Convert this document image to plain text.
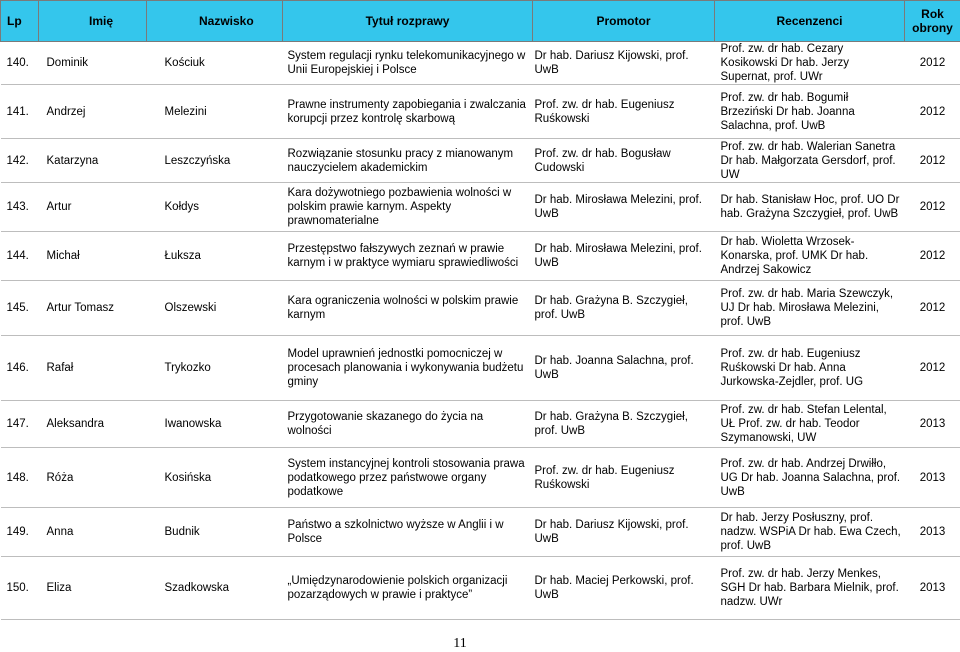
Lp	Imię	Nazwisko	Tytuł rozprawy	Promotor	Recenzenci	Rok
obrony
140.	Dominik	Kościuk	System regulacji rynku telekomunikacyjnego w Unii Europejskiej i Polsce	Dr hab. Dariusz Kijowski, prof. UwB	Prof. zw. dr hab. Cezary Kosikowski Dr hab. Jerzy Supernat, prof. UWr	2012
141.	Andrzej	Melezini	Prawne instrumenty zapobiegania i zwalczania korupcji przez kontrolę skarbową	Prof. zw. dr hab. Eugeniusz Ruśkowski	Prof. zw. dr hab. Bogumił Brzeziński Dr hab. Joanna Salachna, prof. UwB	2012
142.	Katarzyna	Leszczyńska	Rozwiązanie stosunku pracy z mianowanym nauczycielem akademickim	Prof. zw. dr hab. Bogusław Cudowski	Prof. zw. dr hab. Walerian Sanetra Dr hab. Małgorzata Gersdorf, prof. UW	2012
143.	Artur	Kołdys	Kara dożywotniego pozbawienia wolności w polskim prawie karnym. Aspekty prawnomaterialne	Dr hab. Mirosława Melezini, prof. UwB	Dr hab. Stanisław Hoc, prof. UO Dr hab. Grażyna Szczygieł, prof. UwB	2012
144.	Michał	Łuksza	Przestępstwo fałszywych zeznań w prawie karnym i w praktyce wymiaru sprawiedliwości	Dr hab. Mirosława Melezini, prof. UwB	Dr hab. Wioletta Wrzosek-Konarska, prof. UMK Dr hab. Andrzej Sakowicz	2012
145.	Artur Tomasz	Olszewski	Kara ograniczenia wolności w polskim prawie karnym	Dr hab. Grażyna B. Szczygieł, prof. UwB	Prof. zw. dr hab. Maria Szewczyk, UJ Dr hab. Mirosława Melezini, prof. UwB	2012
146.	Rafał	Trykozko	Model uprawnień jednostki pomocniczej w procesach planowania i wykonywania budżetu gminy	Dr hab. Joanna Salachna, prof. UwB	Prof. zw. dr hab. Eugeniusz Ruśkowski Dr hab. Anna Jurkowska-Zejdler, prof. UG	2012
147.	Aleksandra	Iwanowska	Przygotowanie skazanego do życia na wolności	Dr hab. Grażyna B. Szczygieł, prof. UwB	Prof. zw. dr hab. Stefan Lelental, UŁ Prof. zw. dr hab. Teodor Szymanowski, UW	2013
148.	Róża	Kosińska	System instancyjnej kontroli stosowania prawa podatkowego przez państwowe organy podatkowe	Prof. zw. dr hab. Eugeniusz Ruśkowski	Prof. zw. dr hab. Andrzej Drwiłło, UG Dr hab. Joanna Salachna, prof. UwB	2013
149.	Anna	Budnik	Państwo a szkolnictwo wyższe w Anglii i w Polsce	Dr hab. Dariusz Kijowski, prof. UwB	Dr hab. Jerzy Posłuszny, prof. nadzw. WSPiA Dr hab. Ewa Czech, prof. UwB	2013
150.	Eliza	Szadkowska	„Umiędzynarodowienie polskich organizacji pozarządowych w prawie i praktyce”	Dr hab. Maciej Perkowski, prof. UwB	Prof. zw. dr hab. Jerzy Menkes, SGH Dr hab. Barbara Mielnik, prof. nadzw. UWr	2013
11
